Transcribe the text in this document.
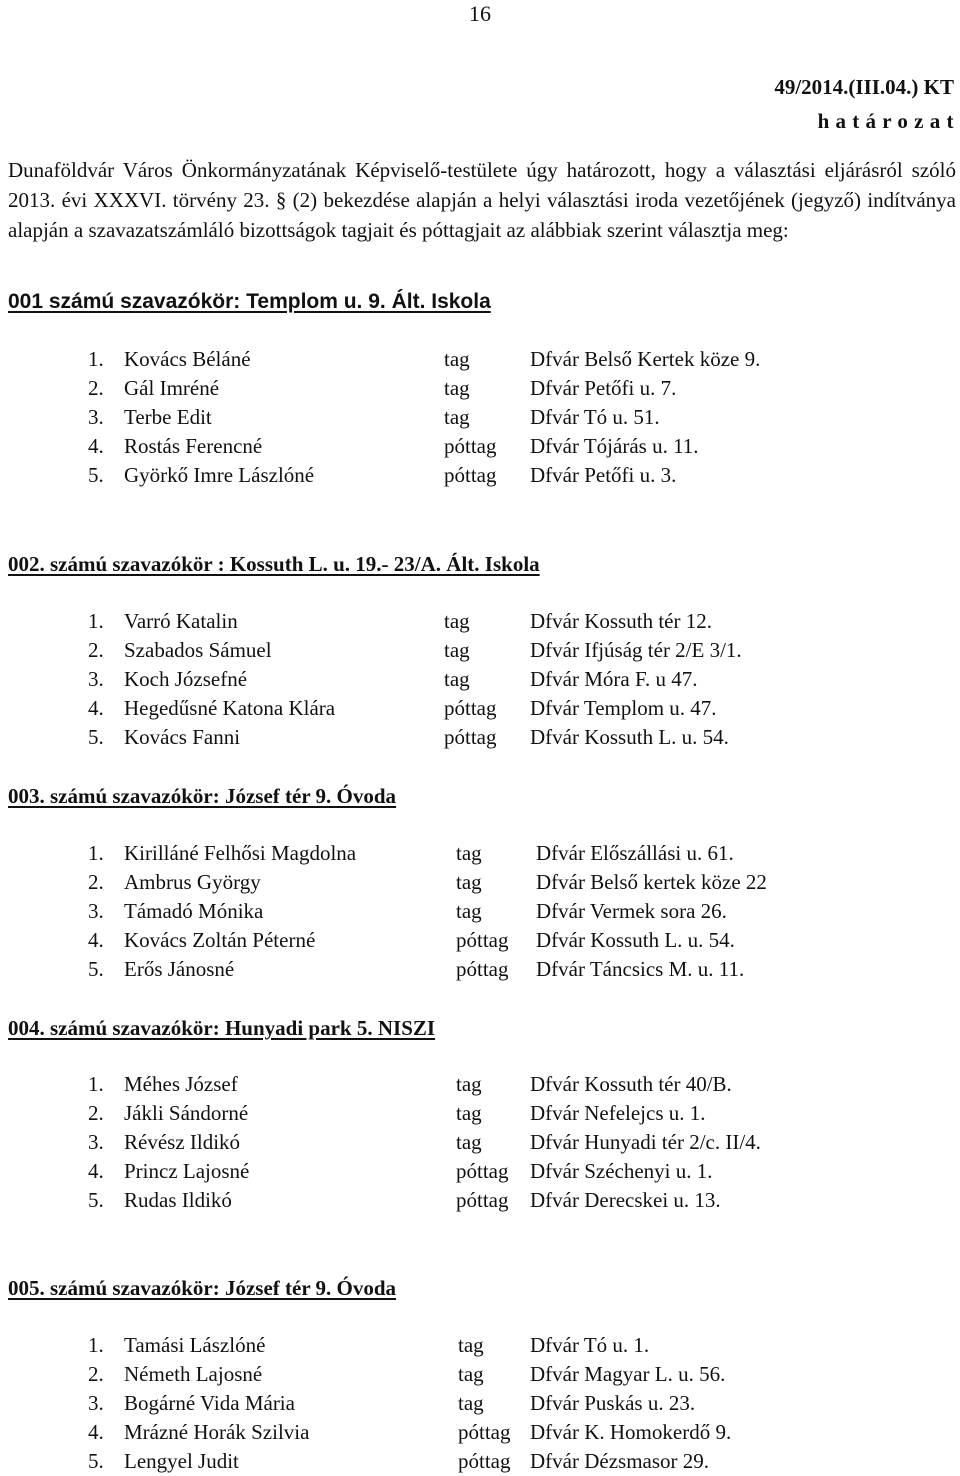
16
49/2014.(III.04.) KT
h a t á r o z a t

Dunaföldvár Város Önkormányzatának Képviselő-testülete úgy határozott, hogy a választási eljárásról szóló 2013. évi XXXVI. törvény 23. § (2) bekezdése alapján a helyi választási iroda vezetőjének (jegyző) indítványa alapján a szavazatszámláló bizottságok tagjait és póttagjait az alábbiak szerint választja meg:

001 számú szavazókör: Templom u. 9. Ált. Iskola
1. Kovács Béláné	tag	Dfvár Belső Kertek köze 9.
2. Gál Imréné	tag	Dfvár Petőfi u. 7.
3. Terbe Edit	tag	Dfvár Tó u. 51.
4. Rostás Ferencné	póttag Dfvár Tójárás u. 11.
5. Györkő Imre Lászlóné	póttag Dfvár Petőfi u. 3.
002. számú szavazókör : Kossuth L. u. 19.- 23/A. Ált. Iskola
1. Varró Katalin	tag	Dfvár Kossuth tér 12.
2. Szabados Sámuel	tag	Dfvár Ifjúság tér 2/E 3/1.
3. Koch Józsefné	tag	Dfvár Móra F. u 47.
4. Hegedűsné Katona Klára	póttag Dfvár Templom u. 47.
5. Kovács Fanni	póttag Dfvár Kossuth L. u. 54.
003. számú szavazókör: József tér 9. Óvoda
1. Kirilláné Felhősi Magdolna	tag	Dfvár Előszállási u. 61.
2. Ambrus György	tag	Dfvár Belső kertek köze 22
3. Támadó Mónika	tag	Dfvár Vermek sora 26.
4. Kovács Zoltán Péterné	póttag Dfvár Kossuth L. u. 54.
5. Erős Jánosné	póttag Dfvár Táncsics M. u. 11.
004. számú szavazókör: Hunyadi park 5. NISZI
1. Méhes József	tag Dfvár Kossuth tér 40/B.
2. Jákli Sándorné	tag Dfvár Nefelejcs u. 1.
3. Révész Ildikó	tag Dfvár Hunyadi tér 2/c. II/4.
4. Princz Lajosné	póttag Dfvár Széchenyi u. 1.
5. Rudas Ildikó	póttag Dfvár Derecskei u. 13.
005. számú szavazókör: József tér 9. Óvoda
1. Tamási Lászlóné	tag Dfvár Tó u. 1.
2. Németh Lajosné	tag Dfvár Magyar L. u. 56.
3. Bogárné Vida Mária	tag Dfvár Puskás u. 23.
4. Mrázné Horák Szilvia	póttag Dfvár K. Homokerdő 9.
5. Lengyel Judit	póttag Dfvár Dézsmasor 29.
